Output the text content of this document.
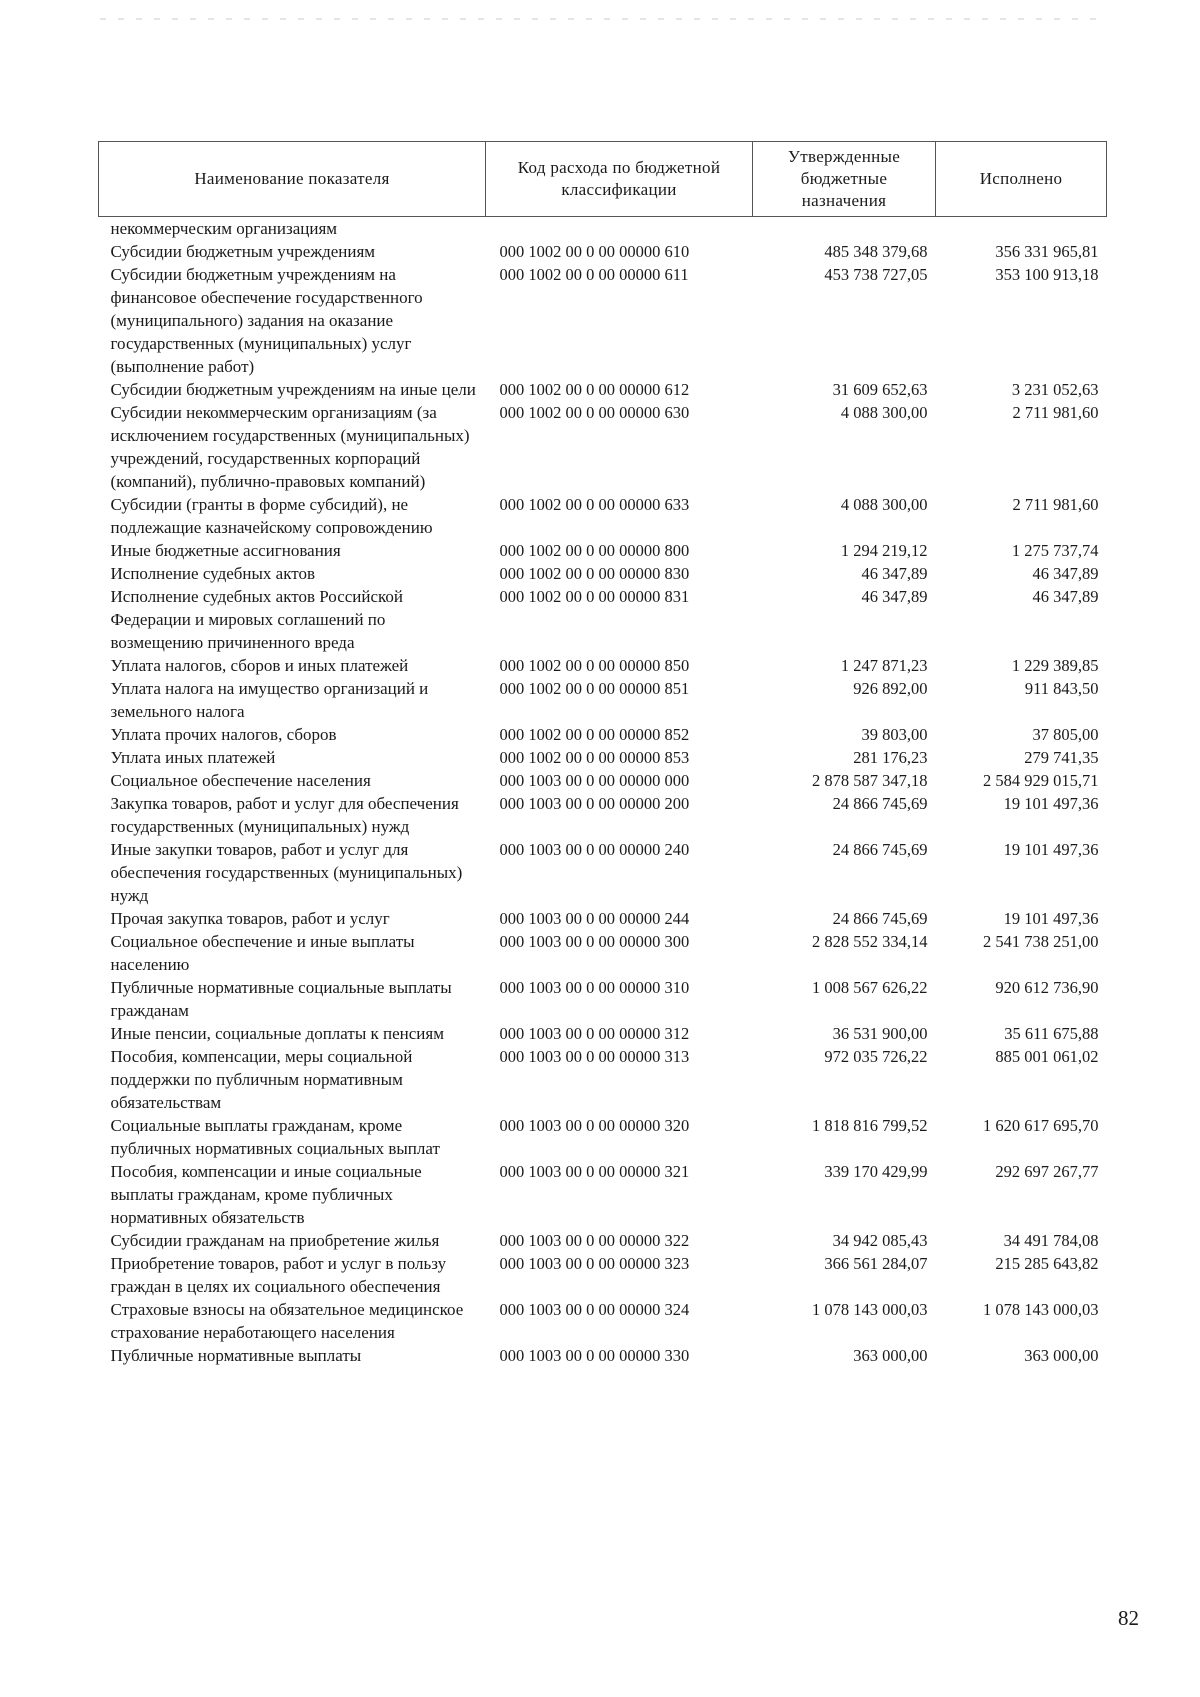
Наименование показателя	Код расхода по бюджетной классификации	Утвержденные бюджетные назначения	Исполнено
некоммерческим организациям			
Субсидии бюджетным учреждениям	000 1002 00 0 00 00000 610	485 348 379,68	356 331 965,81
Субсидии бюджетным учреждениям на финансовое обеспечение государственного (муниципального) задания на оказание государственных (муниципальных) услуг (выполнение работ)	000 1002 00 0 00 00000 611	453 738 727,05	353 100 913,18
Субсидии бюджетным учреждениям на иные цели	000 1002 00 0 00 00000 612	31 609 652,63	3 231 052,63
Субсидии некоммерческим организациям (за исключением государственных (муниципальных) учреждений, государственных корпораций (компаний), публично-правовых компаний)	000 1002 00 0 00 00000 630	4 088 300,00	2 711 981,60
Субсидии (гранты в форме субсидий), не подлежащие казначейскому сопровождению	000 1002 00 0 00 00000 633	4 088 300,00	2 711 981,60
Иные бюджетные ассигнования	000 1002 00 0 00 00000 800	1 294 219,12	1 275 737,74
Исполнение судебных актов	000 1002 00 0 00 00000 830	46 347,89	46 347,89
Исполнение судебных актов Российской Федерации и мировых соглашений по возмещению причиненного вреда	000 1002 00 0 00 00000 831	46 347,89	46 347,89
Уплата налогов, сборов и иных платежей	000 1002 00 0 00 00000 850	1 247 871,23	1 229 389,85
Уплата налога на имущество организаций и земельного налога	000 1002 00 0 00 00000 851	926 892,00	911 843,50
Уплата прочих налогов, сборов	000 1002 00 0 00 00000 852	39 803,00	37 805,00
Уплата иных платежей	000 1002 00 0 00 00000 853	281 176,23	279 741,35
Социальное обеспечение населения	000 1003 00 0 00 00000 000	2 878 587 347,18	2 584 929 015,71
Закупка товаров, работ и услуг для обеспечения государственных (муниципальных) нужд	000 1003 00 0 00 00000 200	24 866 745,69	19 101 497,36
Иные закупки товаров, работ и услуг для обеспечения государственных (муниципальных) нужд	000 1003 00 0 00 00000 240	24 866 745,69	19 101 497,36
Прочая закупка товаров, работ и услуг	000 1003 00 0 00 00000 244	24 866 745,69	19 101 497,36
Социальное обеспечение и иные выплаты населению	000 1003 00 0 00 00000 300	2 828 552 334,14	2 541 738 251,00
Публичные нормативные социальные выплаты гражданам	000 1003 00 0 00 00000 310	1 008 567 626,22	920 612 736,90
Иные пенсии, социальные доплаты к пенсиям	000 1003 00 0 00 00000 312	36 531 900,00	35 611 675,88
Пособия, компенсации, меры социальной поддержки по публичным нормативным обязательствам	000 1003 00 0 00 00000 313	972 035 726,22	885 001 061,02
Социальные выплаты гражданам, кроме публичных нормативных социальных выплат	000 1003 00 0 00 00000 320	1 818 816 799,52	1 620 617 695,70
Пособия, компенсации и иные социальные выплаты гражданам, кроме публичных нормативных обязательств	000 1003 00 0 00 00000 321	339 170 429,99	292 697 267,77
Субсидии гражданам на приобретение жилья	000 1003 00 0 00 00000 322	34 942 085,43	34 491 784,08
Приобретение товаров, работ и услуг в пользу граждан в целях их социального обеспечения	000 1003 00 0 00 00000 323	366 561 284,07	215 285 643,82
Страховые взносы на обязательное медицинское страхование неработающего населения	000 1003 00 0 00 00000 324	1 078 143 000,03	1 078 143 000,03
Публичные нормативные выплаты	000 1003 00 0 00 00000 330	363 000,00	363 000,00
82
